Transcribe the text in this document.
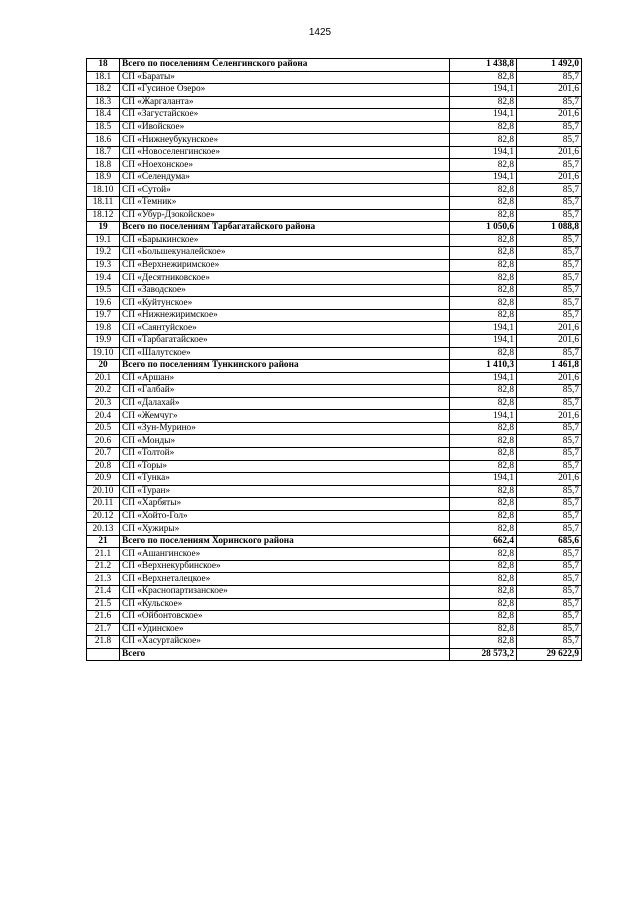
1425
18	Всего по поселениям Селенгинского района	1 438,8	1 492,0
18.1	СП «Бараты»	82,8	85,7
18.2	СП «Гусиное Озеро»	194,1	201,6
18.3	СП «Жаргаланта»	82,8	85,7
18.4	СП «Загустайское»	194,1	201,6
18.5	СП «Ивойское»	82,8	85,7
18.6	СП «Нижнеубукунское»	82,8	85,7
18.7	СП «Новоселенгинское»	194,1	201,6
18.8	СП «Ноехонское»	82,8	85,7
18.9	СП «Селендума»	194,1	201,6
18.10	СП «Сутой»	82,8	85,7
18.11	СП «Темник»	82,8	85,7
18.12	СП «Убур-Дзокойское»	82,8	85,7
19	Всего по поселениям Тарбагатайского района	1 050,6	1 088,8
19.1	СП «Барыкинское»	82,8	85,7
19.2	СП «Большекуналейское»	82,8	85,7
19.3	СП «Верхнежиримское»	82,8	85,7
19.4	СП «Десятниковское»	82,8	85,7
19.5	СП «Заводское»	82,8	85,7
19.6	СП «Куйтунское»	82,8	85,7
19.7	СП «Нижнежиримское»	82,8	85,7
19.8	СП «Саянтуйское»	194,1	201,6
19.9	СП «Тарбагатайское»	194,1	201,6
19.10	СП «Шалутское»	82,8	85,7
20	Всего по поселениям Тункинского района	1 410,3	1 461,8
20.1	СП «Аршан»	194,1	201,6
20.2	СП «Галбай»	82,8	85,7
20.3	СП «Далахай»	82,8	85,7
20.4	СП «Жемчуг»	194,1	201,6
20.5	СП «Зун-Мурино»	82,8	85,7
20.6	СП «Монды»	82,8	85,7
20.7	СП «Толтой»	82,8	85,7
20.8	СП «Торы»	82,8	85,7
20.9	СП «Тунка»	194,1	201,6
20.10	СП «Туран»	82,8	85,7
20.11	СП «Харбяты»	82,8	85,7
20.12	СП «Хойто-Гол»	82,8	85,7
20.13	СП «Хужиры»	82,8	85,7
21	Всего по поселениям Хоринского района	662,4	685,6
21.1	СП «Ашангинское»	82,8	85,7
21.2	СП «Верхнекурбинское»	82,8	85,7
21.3	СП «Верхнеталецкое»	82,8	85,7
21.4	СП «Краснопартизанское»	82,8	85,7
21.5	СП «Кульское»	82,8	85,7
21.6	СП «Ойбонтовское»	82,8	85,7
21.7	СП «Удинское»	82,8	85,7
21.8	СП «Хасуртайское»	82,8	85,7
	Всего	28 573,2	29 622,9
